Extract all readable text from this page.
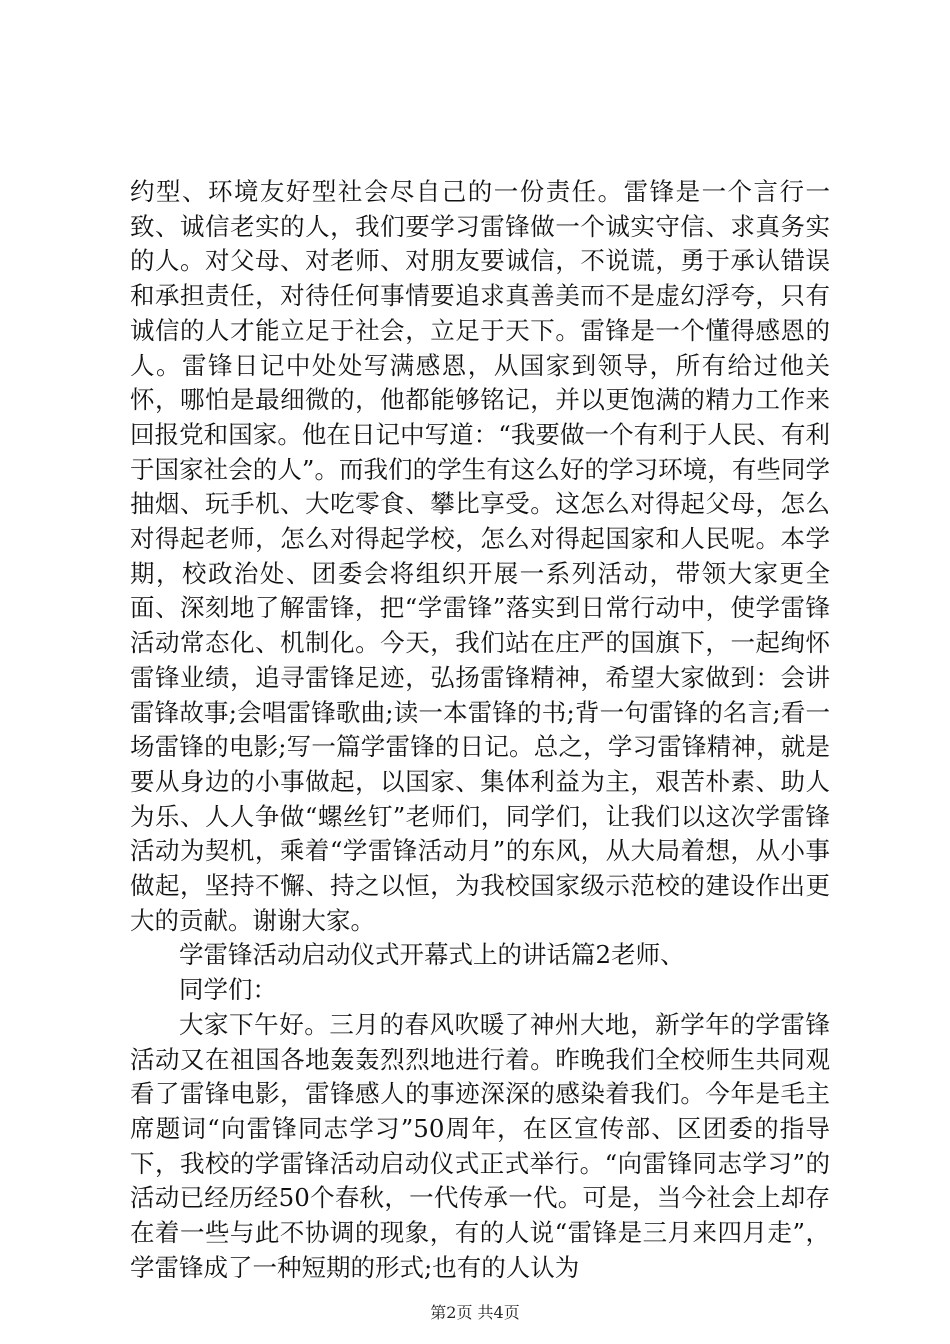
约型、环境友好型社会尽自己的一份责任。雷锋是一个言行一致、诚信老实的人，我们要学习雷锋做一个诚实守信、求真务实的人。对父母、对老师、对朋友要诚信，不说谎，勇于承认错误和承担责任，对待任何事情要追求真善美而不是虚幻浮夸，只有诚信的人才能立足于社会，立足于天下。雷锋是一个懂得感恩的人。雷锋日记中处处写满感恩，从国家到领导，所有给过他关怀，哪怕是最细微的，他都能够铭记，并以更饱满的精力工作来回报党和国家。他在日记中写道：“我要做一个有利于人民、有利于国家社会的人”。而我们的学生有这么好的学习环境，有些同学抽烟、玩手机、大吃零食、攀比享受。这怎么对得起父母，怎么对得起老师，怎么对得起学校，怎么对得起国家和人民呢。本学期，校政治处、团委会将组织开展一系列活动，带领大家更全面、深刻地了解雷锋，把“学雷锋”落实到日常行动中，使学雷锋活动常态化、机制化。今天，我们站在庄严的国旗下，一起绚怀雷锋业绩，追寻雷锋足迹，弘扬雷锋精神，希望大家做到：会讲雷锋故事;会唱雷锋歌曲;读一本雷锋的书;背一句雷锋的名言;看一场雷锋的电影;写一篇学雷锋的日记。总之，学习雷锋精神，就是要从身边的小事做起，以国家、集体利益为主，艰苦朴素、助人为乐、人人争做“螺丝钉”老师们，同学们，让我们以这次学雷锋活动为契机，乘着“学雷锋活动月”的东风，从大局着想，从小事做起，坚持不懈、持之以恒，为我校国家级示范校的建设作出更大的贡献。谢谢大家。

学雷锋活动启动仪式开幕式上的讲话篇2老师、

同学们：

大家下午好。三月的春风吹暖了神州大地，新学年的学雷锋活动又在祖国各地轰轰烈烈地进行着。昨晚我们全校师生共同观看了雷锋电影，雷锋感人的事迹深深的感染着我们。今年是毛主席题词“向雷锋同志学习”50周年，在区宣传部、区团委的指导下，我校的学雷锋活动启动仪式正式举行。“向雷锋同志学习”的活动已经历经50个春秋，一代传承一代。可是，当今社会上却存在着一些与此不协调的现象，有的人说“雷锋是三月来四月走”，学雷锋成了一种短期的形式;也有的人认为

第2页 共4页
